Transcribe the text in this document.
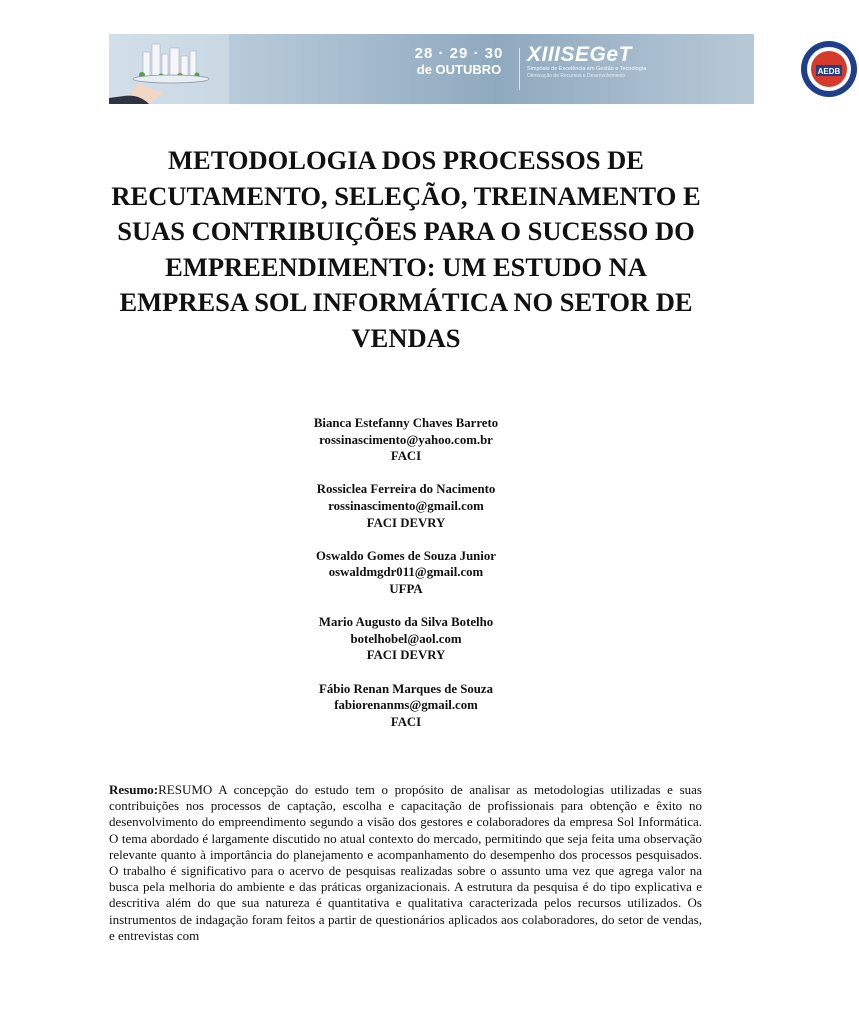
28 · 29 · 30
de OUTUBRO
XIIISEGeT
Simpósio de Excelência em Gestão e Tecnologia
Otimização de Recursos e Desenvolvimento	AEDB
METODOLOGIA DOS PROCESSOS DE RECUTAMENTO, SELEÇÃO, TREINAMENTO E SUAS CONTRIBUIÇÕES PARA O SUCESSO DO EMPREENDIMENTO: UM ESTUDO NA EMPRESA SOL INFORMÁTICA NO SETOR DE VENDAS
Bianca Estefanny Chaves Barreto
rossinascimento@yahoo.com.br
FACI
Rossiclea Ferreira do Nacimento
rossinascimento@gmail.com
FACI DEVRY
Oswaldo Gomes de Souza Junior
oswaldmgdr011@gmail.com
UFPA
Mario Augusto da Silva Botelho
botelhobel@aol.com
FACI DEVRY
Fábio Renan Marques de Souza
fabiorenanms@gmail.com
FACI

Resumo:RESUMO A concepção do estudo tem o propósito de analisar as metodologias utilizadas e suas contribuições nos processos de captação, escolha e capacitação de profissionais para obtenção e êxito no desenvolvimento do empreendimento segundo a visão dos gestores e colaboradores da empresa Sol Informática. O tema abordado é largamente discutido no atual contexto do mercado, permitindo que seja feita uma observação relevante quanto à importância do planejamento e acompanhamento do desempenho dos processos pesquisados. O trabalho é significativo para o acervo de pesquisas realizadas sobre o assunto uma vez que agrega valor na busca pela melhoria do ambiente e das práticas organizacionais. A estrutura da pesquisa é do tipo explicativa e descritiva além do que sua natureza é quantitativa e qualitativa caracterizada pelos recursos utilizados. Os instrumentos de indagação foram feitos a partir de questionários aplicados aos colaboradores, do setor de vendas, e entrevistas com
